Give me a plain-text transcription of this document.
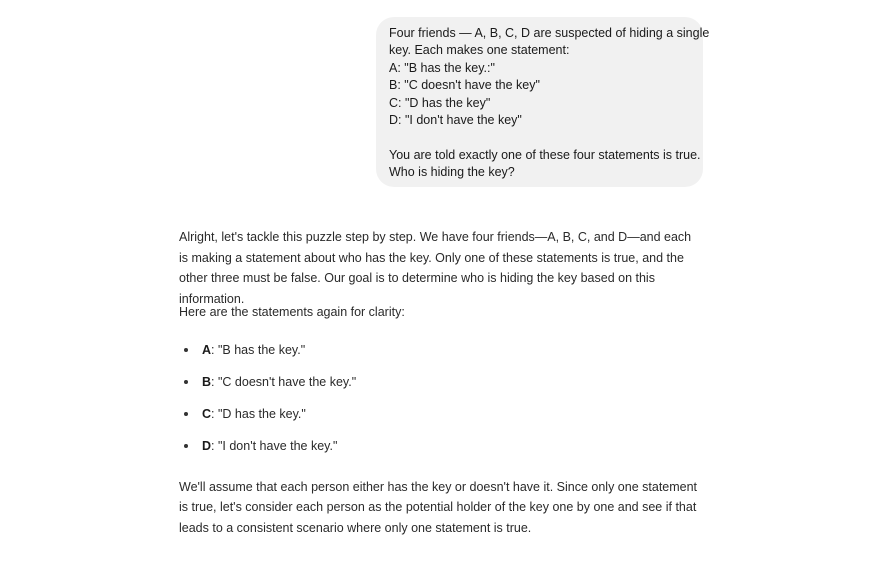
Four friends — A, B, C, D are suspected of hiding a single
key. Each makes one statement:
A: "B has the key.:"
B: "C doesn't have the key"
C: "D has the key"
D: "I don't have the key"
You are told exactly one of these four statements is true.
Who is hiding the key?

Alright, let's tackle this puzzle step by step. We have four friends—A, B, C, and D—and each is making a statement about who has the key. Only one of these statements is true, and the other three must be false. Our goal is to determine who is hiding the key based on this information.

Here are the statements again for clarity:

A: "B has the key."
B: "C doesn't have the key."
C: "D has the key."
D: "I don't have the key."

We'll assume that each person either has the key or doesn't have it. Since only one statement is true, let's consider each person as the potential holder of the key one by one and see if that leads to a consistent scenario where only one statement is true.
